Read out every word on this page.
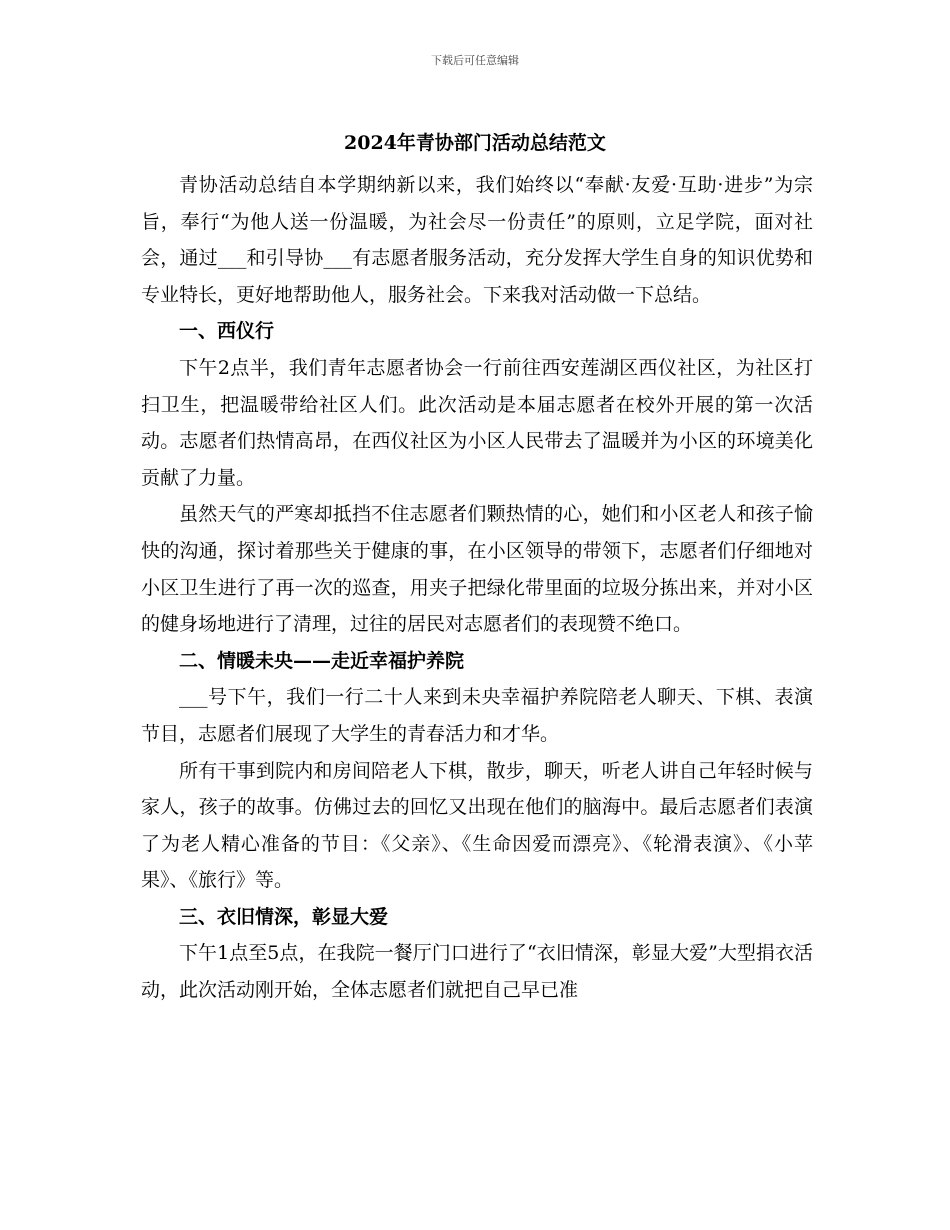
下载后可任意编辑
2024年青协部门活动总结范文

青协活动总结自本学期纳新以来，我们始终以“奉献·友爱·互助·进步”为宗旨，奉行“为他人送一份温暖，为社会尽一份责任”的原则，立足学院，面对社会，通过___和引导协___有志愿者服务活动，充分发挥大学生自身的知识优势和专业特长，更好地帮助他人，服务社会。下来我对活动做一下总结。

一、西仪行

下午2点半，我们青年志愿者协会一行前往西安莲湖区西仪社区，为社区打扫卫生，把温暖带给社区人们。此次活动是本届志愿者在校外开展的第一次活动。志愿者们热情高昂，在西仪社区为小区人民带去了温暖并为小区的环境美化贡献了力量。

虽然天气的严寒却抵挡不住志愿者们颗热情的心，她们和小区老人和孩子愉快的沟通，探讨着那些关于健康的事，在小区领导的带领下，志愿者们仔细地对小区卫生进行了再一次的巡查，用夹子把绿化带里面的垃圾分拣出来，并对小区的健身场地进行了清理，过往的居民对志愿者们的表现赞不绝口。

二、情暖未央——走近幸福护养院

___号下午，我们一行二十人来到未央幸福护养院陪老人聊天、下棋、表演节目，志愿者们展现了大学生的青春活力和才华。

所有干事到院内和房间陪老人下棋，散步，聊天，听老人讲自己年轻时候与家人，孩子的故事。仿佛过去的回忆又出现在他们的脑海中。最后志愿者们表演了为老人精心准备的节目：《父亲》、《生命因爱而漂亮》、《轮滑表演》、《小苹果》、《旅行》等。

三、衣旧情深，彰显大爱

下午1点至5点，在我院一餐厅门口进行了“衣旧情深，彰显大爱”大型捐衣活动，此次活动刚开始，全体志愿者们就把自己早已准
